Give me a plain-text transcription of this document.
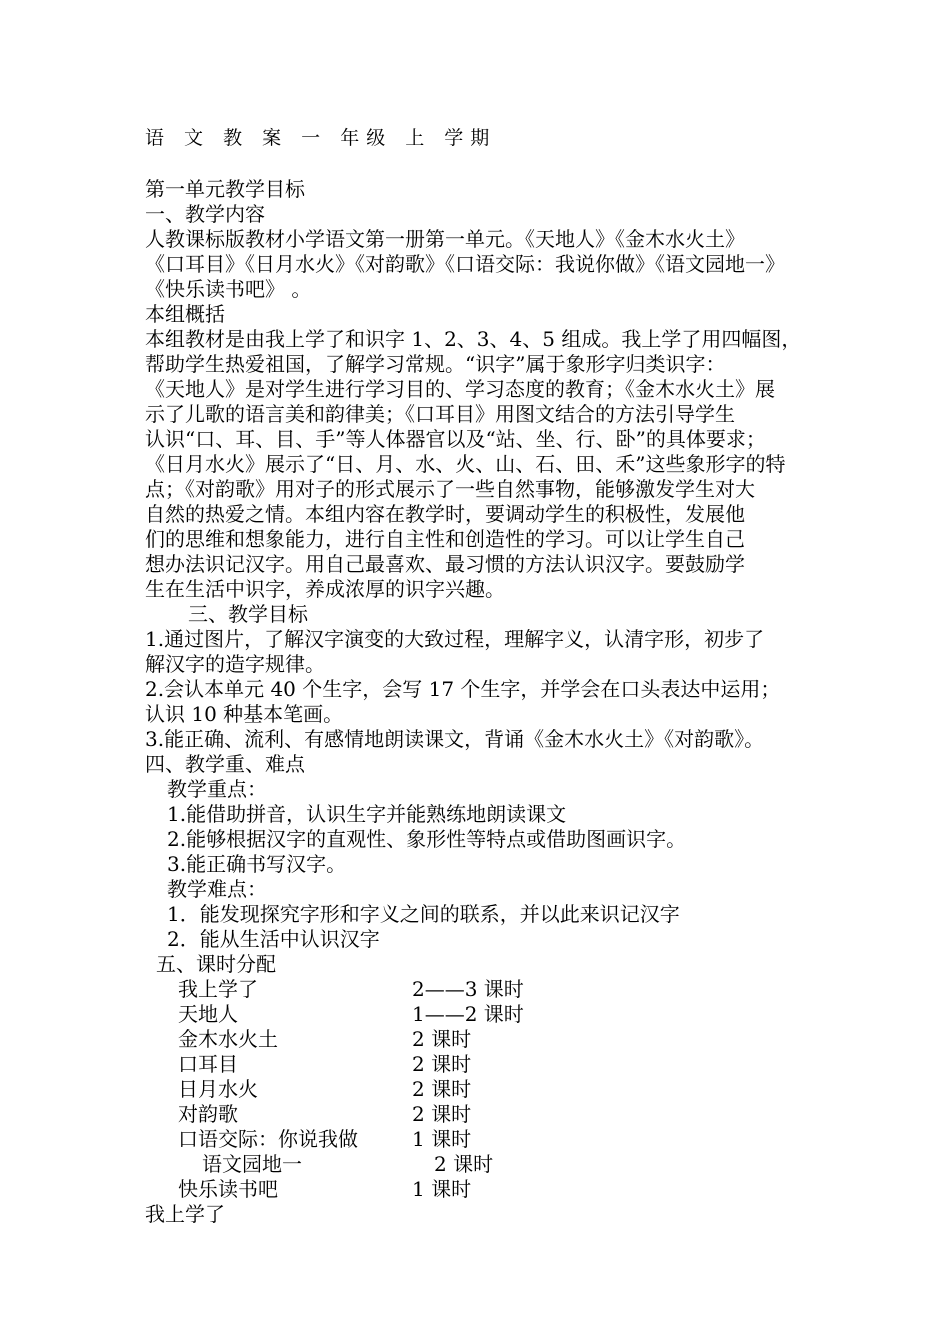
语 文 教 案 一 年级 上 学期
第一单元教学目标
一、教学内容
人教课标版教材小学语文第一册第一单元。《天地人》《金木水火土》
《口耳目》《日月水火》《对韵歌》《口语交际：我说你做》《语文园地一》
《快乐读书吧》 。
本组概括
本组教材是由我上学了和识字 1、2、3、4、5 组成。我上学了用四幅图，
帮助学生热爱祖国，了解学习常规。“识字”属于象形字归类识字：
《天地人》是对学生进行学习目的、学习态度的教育；《金木水火土》展
示了儿歌的语言美和韵律美；《口耳目》用图文结合的方法引导学生
认识“口、耳、目、手”等人体器官以及“站、坐、行、卧”的具体要求；
《日月水火》展示了“日、月、水、火、山、石、田、禾”这些象形字的特
点；《对韵歌》用对子的形式展示了一些自然事物，能够激发学生对大
自然的热爱之情。本组内容在教学时，要调动学生的积极性，发展他
们的思维和想象能力，进行自主性和创造性的学习。可以让学生自己
想办法识记汉字。用自己最喜欢、最习惯的方法认识汉字。要鼓励学
生在生活中识字，养成浓厚的识字兴趣。
三、教学目标
1.通过图片，了解汉字演变的大致过程，理解字义，认清字形，初步了
解汉字的造字规律。
2.会认本单元 40 个生字，会写 17 个生字，并学会在口头表达中运用；
认识 10 种基本笔画。
3.能正确、流利、有感情地朗读课文，背诵《金木水火土》《对韵歌》。
四、教学重、难点
教学重点：
1.能借助拼音，认识生字并能熟练地朗读课文
2.能够根据汉字的直观性、象形性等特点或借助图画识字。
3.能正确书写汉字。
教学难点：
1．能发现探究字形和字义之间的联系，并以此来识记汉字
2．能从生活中认识汉字
五、课时分配
我上学了	2——3 课时
天地人	1——2 课时
金木水火土	2 课时
口耳目	2 课时
日月水火	2 课时
对韵歌	2 课时
口语交际：你说我做	1 课时
语文园地一	2 课时
快乐读书吧	1 课时
我上学了
